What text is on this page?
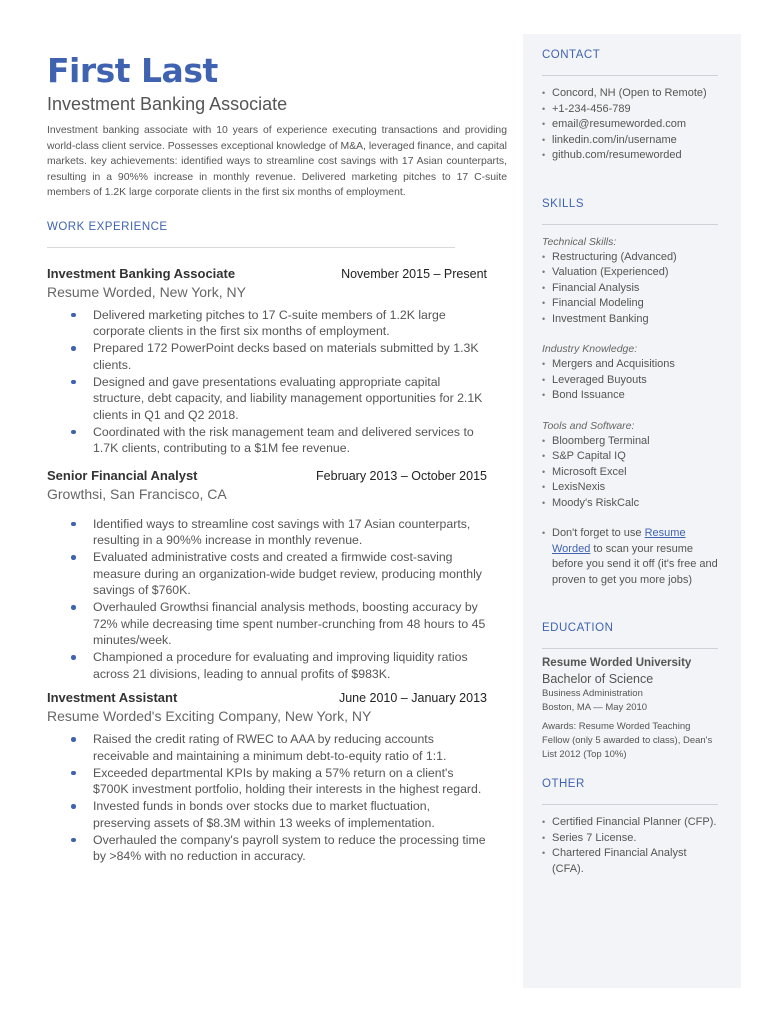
First Last
Investment Banking Associate
Investment banking associate with 10 years of experience executing transactions and providing world-class client service. Possesses exceptional knowledge of M&A, leveraged finance, and capital markets. key achievements: identified ways to streamline cost savings with 17 Asian counterparts, resulting in a 90%% increase in monthly revenue. Delivered marketing pitches to 17 C-suite members of 1.2K large corporate clients in the first six months of employment.
WORK EXPERIENCE
Investment Banking Associate	November 2015 – Present
Resume Worded, New York, NY
Delivered marketing pitches to 17 C-suite members of 1.2K large corporate clients in the first six months of employment.
Prepared 172 PowerPoint decks based on materials submitted by 1.3K clients.
Designed and gave presentations evaluating appropriate capital structure, debt capacity, and liability management opportunities for 2.1K clients in Q1 and Q2 2018.
Coordinated with the risk management team and delivered services to 1.7K clients, contributing to a $1M fee revenue.
Senior Financial Analyst	February 2013 – October 2015
Growthsi, San Francisco, CA
Identified ways to streamline cost savings with 17 Asian counterparts, resulting in a 90%% increase in monthly revenue.
Evaluated administrative costs and created a firmwide cost-saving measure during an organization-wide budget review, producing monthly savings of $760K.
Overhauled Growthsi financial analysis methods, boosting accuracy by 72% while decreasing time spent number-crunching from 48 hours to 45 minutes/week.
Championed a procedure for evaluating and improving liquidity ratios across 21 divisions, leading to annual profits of $983K.
Investment Assistant	June 2010 – January 2013
Resume Worded's Exciting Company, New York, NY
Raised the credit rating of RWEC to AAA by reducing accounts receivable and maintaining a minimum debt-to-equity ratio of 1:1.
Exceeded departmental KPIs by making a 57% return on a client's $700K investment portfolio, holding their interests in the highest regard.
Invested funds in bonds over stocks due to market fluctuation, preserving assets of $8.3M within 13 weeks of implementation.
Overhauled the company's payroll system to reduce the processing time by >84% with no reduction in accuracy.
CONTACT
• Concord, NH (Open to Remote)
• +1-234-456-789
• email@resumeworded.com
• linkedin.com/in/username
• github.com/resumeworded
SKILLS
Technical Skills:
• Restructuring (Advanced)
• Valuation (Experienced)
• Financial Analysis
• Financial Modeling
• Investment Banking
Industry Knowledge:
• Mergers and Acquisitions
• Leveraged Buyouts
• Bond Issuance
Tools and Software:
• Bloomberg Terminal
• S&P Capital IQ
• Microsoft Excel
• LexisNexis
• Moody's RiskCalc
• Don't forget to use Resume Worded to scan your resume before you send it off (it's free and proven to get you more jobs)
EDUCATION
Resume Worded University
Bachelor of Science
Business Administration
Boston, MA — May 2010
Awards: Resume Worded Teaching Fellow (only 5 awarded to class), Dean's List 2012 (Top 10%)
OTHER
• Certified Financial Planner (CFP).
• Series 7 License.
• Chartered Financial Analyst (CFA).
